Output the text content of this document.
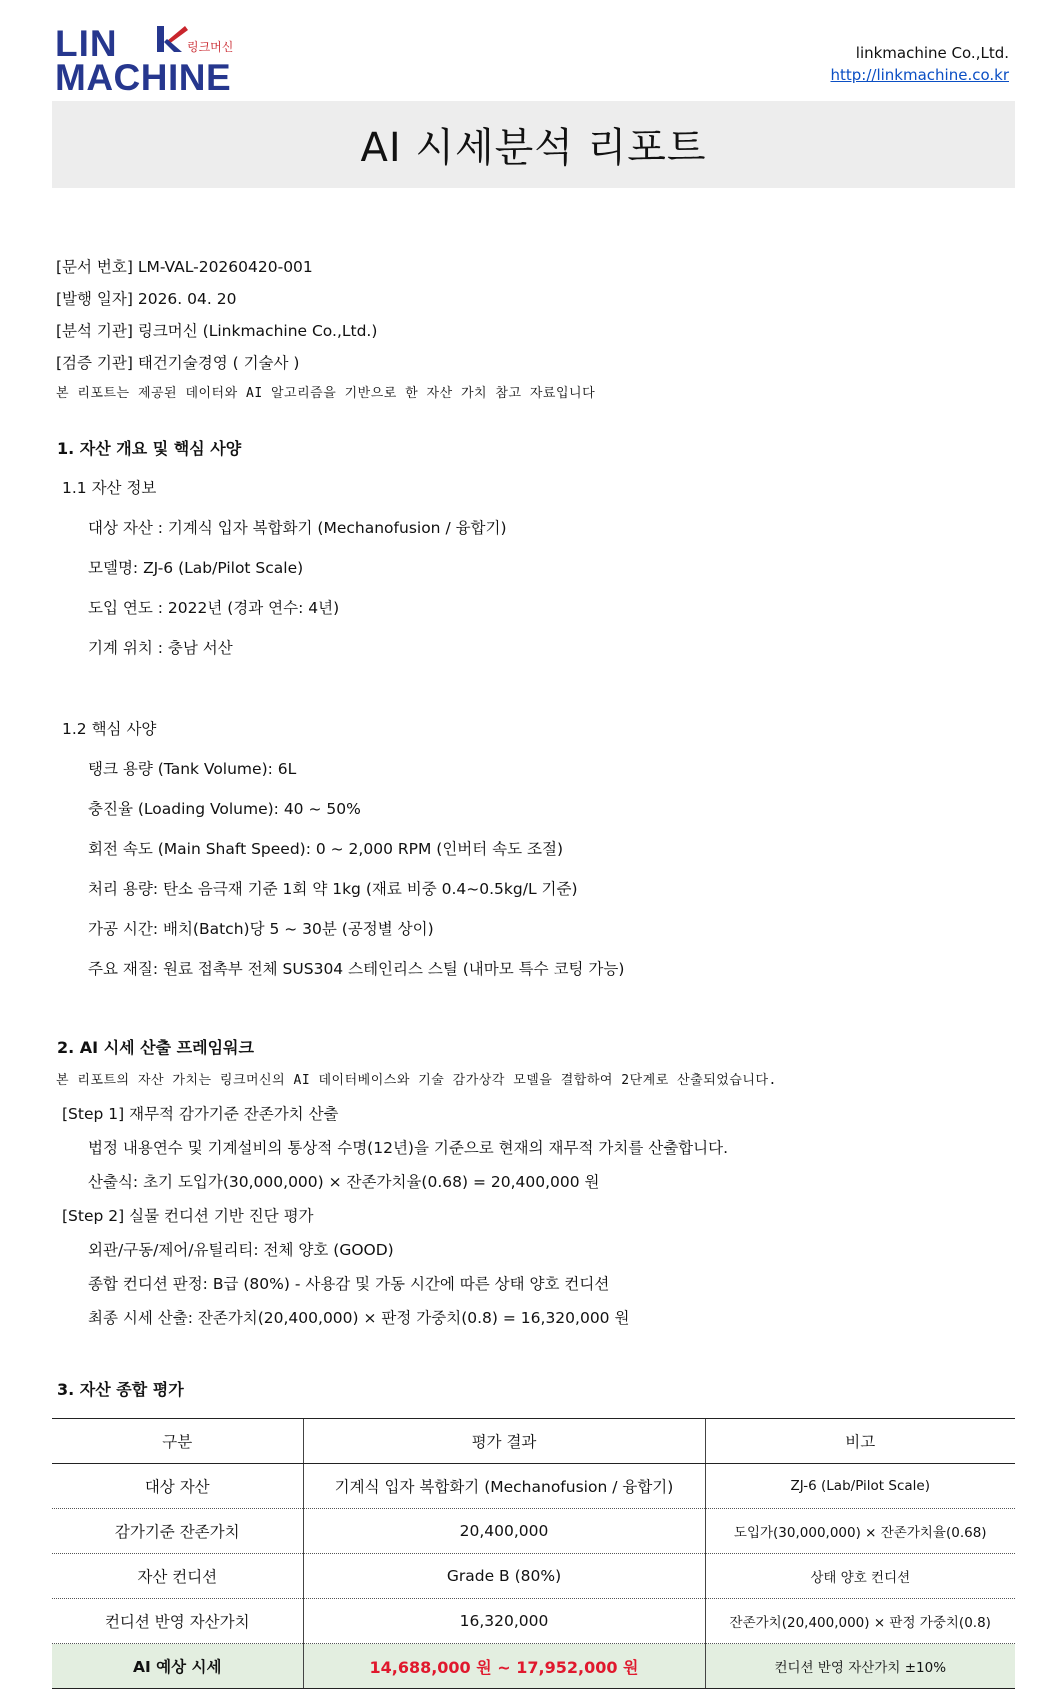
LIN	링크머신
MACHINE
linkmachine Co.,Ltd.
http://linkmachine.co.kr
AI 시세분석 리포트
[문서 번호] LM-VAL-20260420-001
[발행 일자] 2026. 04. 20
[분석 기관] 링크머신 (Linkmachine Co.,Ltd.)
[검증 기관] 태건기술경영 ( 기술사 )
본 리포트는 제공된 데이터와 AI 알고리즘을 기반으로 한 자산 가치 참고 자료입니다
1. 자산 개요 및 핵심 사양
1.1 자산 정보
대상 자산 : 기계식 입자 복합화기 (Mechanofusion / 융합기)
모델명: ZJ-6 (Lab/Pilot Scale)
도입 연도 : 2022년 (경과 연수: 4년)
기계 위치 : 충남 서산
1.2 핵심 사양
탱크 용량 (Tank Volume): 6L
충진율 (Loading Volume): 40 ~ 50%
회전 속도 (Main Shaft Speed): 0 ~ 2,000 RPM (인버터 속도 조절)
처리 용량: 탄소 음극재 기준 1회 약 1kg (재료 비중 0.4~0.5kg/L 기준)
가공 시간: 배치(Batch)당 5 ~ 30분 (공정별 상이)
주요 재질: 원료 접촉부 전체 SUS304 스테인리스 스틸 (내마모 특수 코팅 가능)
2. AI 시세 산출 프레임워크
본 리포트의 자산 가치는 링크머신의 AI 데이터베이스와 기술 감가상각 모델을 결합하여 2단계로 산출되었습니다.
[Step 1] 재무적 감가기준 잔존가치 산출
법정 내용연수 및 기계설비의 통상적 수명(12년)을 기준으로 현재의 재무적 가치를 산출합니다.
산출식: 초기 도입가(30,000,000) × 잔존가치율(0.68) = 20,400,000 원
[Step 2] 실물 컨디션 기반 진단 평가
외관/구동/제어/유틸리티: 전체 양호 (GOOD)
종합 컨디션 판정: B급 (80%) - 사용감 및 가동 시간에 따른 상태 양호 컨디션
최종 시세 산출: 잔존가치(20,400,000) × 판정 가중치(0.8) = 16,320,000 원
3. 자산 종합 평가
구분	평가 결과	비고
대상 자산	기계식 입자 복합화기 (Mechanofusion / 융합기)	ZJ-6 (Lab/Pilot Scale)
감가기준 잔존가치	20,400,000	도입가(30,000,000) × 잔존가치율(0.68)
자산 컨디션	Grade B (80%)	상태 양호 컨디션
컨디션 반영 자산가치	16,320,000	잔존가치(20,400,000) × 판정 가중치(0.8)
AI 예상 시세	14,688,000 원 ~ 17,952,000 원	컨디션 반영 자산가치 ±10%
